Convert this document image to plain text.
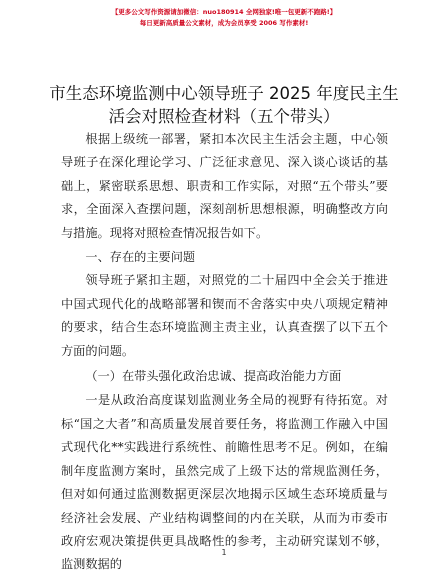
【更多公文写作资源请加微信：nuo180914 全网独家!唯一包更新不跑路!】
每日更新高质量公文素材，成为会员享受 2006 写作素材!
市生态环境监测中心领导班子 2025 年度民主生
活会对照检查材料（五个带头）

根据上级统一部署，紧扣本次民主生活会主题，中心领导班子在深化理论学习、广泛征求意见、深入谈心谈话的基础上，紧密联系思想、职责和工作实际，对照“五个带头”要求，全面深入查摆问题，深刻剖析思想根源，明确整改方向与措施。现将对照检查情况报告如下。

一、存在的主要问题

领导班子紧扣主题，对照党的二十届四中全会关于推进中国式现代化的战略部署和锲而不舍落实中央八项规定精神的要求，结合生态环境监测主责主业，认真查摆了以下五个方面的问题。

（一）在带头强化政治忠诚、提高政治能力方面

一是从政治高度谋划监测业务全局的视野有待拓宽。对标“国之大者”和高质量发展首要任务，将监测工作融入中国式现代化**实践进行系统性、前瞻性思考不足。例如，在编制年度监测方案时，虽然完成了上级下达的常规监测任务，但对如何通过监测数据更深层次地揭示区域生态环境质量与经济社会发展、产业结构调整间的内在关联，从而为市委市政府宏观决策提供更具战略性的参考，主动研究谋划不够，监测数据的

1
